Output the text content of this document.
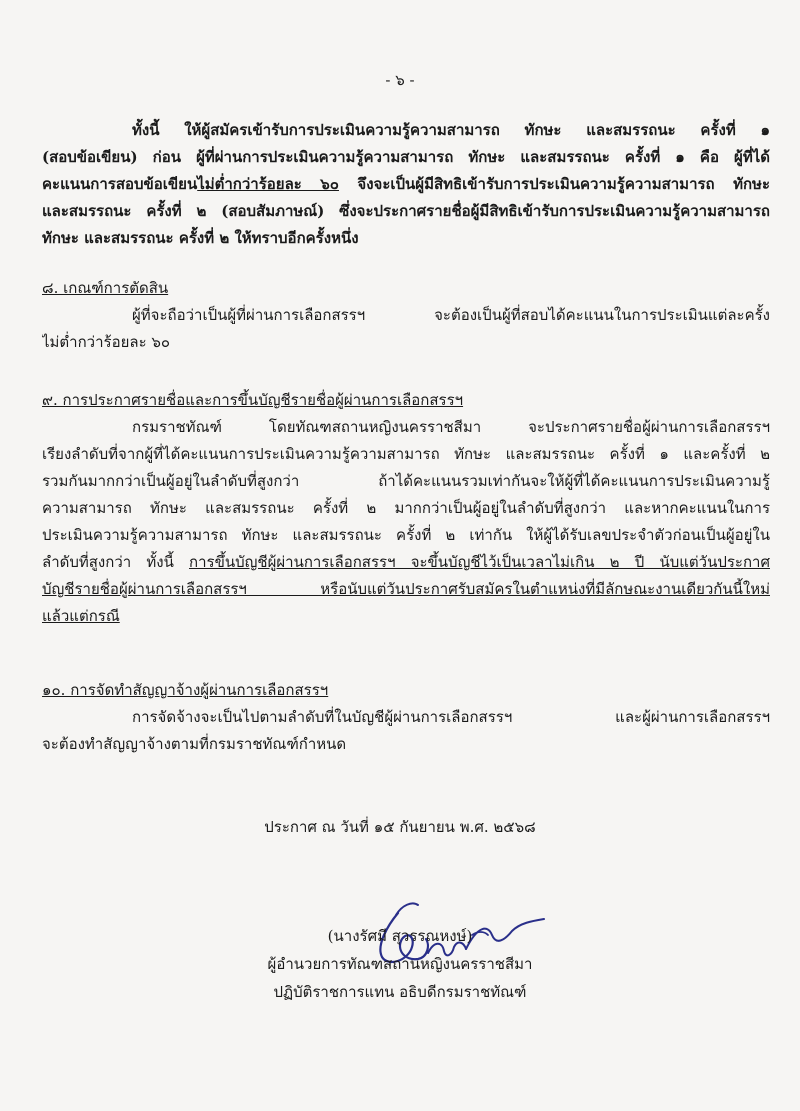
- ๖ -
ทั้งนี้ ให้ผู้สมัครเข้ารับการประเมินความรู้ความสามารถ ทักษะ และสมรรถนะ ครั้งที่ ๑
(สอบข้อเขียน) ก่อน ผู้ที่ผ่านการประเมินความรู้ความสามารถ ทักษะ และสมรรถนะ ครั้งที่ ๑ คือ ผู้ที่ได้
คะแนนการสอบข้อเขียนไม่ต่ำกว่าร้อยละ ๖๐ จึงจะเป็นผู้มีสิทธิเข้ารับการประเมินความรู้ความสามารถ ทักษะ
และสมรรถนะ ครั้งที่ ๒ (สอบสัมภาษณ์) ซึ่งจะประกาศรายชื่อผู้มีสิทธิเข้ารับการประเมินความรู้ความสามารถ
ทักษะ และสมรรถนะ ครั้งที่ ๒ ให้ทราบอีกครั้งหนึ่ง
๘. เกณฑ์การตัดสิน
ผู้ที่จะถือว่าเป็นผู้ที่ผ่านการเลือกสรรฯ จะต้องเป็นผู้ที่สอบได้คะแนนในการประเมินแต่ละครั้ง
ไม่ต่ำกว่าร้อยละ ๖๐
๙. การประกาศรายชื่อและการขึ้นบัญชีรายชื่อผู้ผ่านการเลือกสรรฯ
กรมราชทัณฑ์ โดยทัณฑสถานหญิงนครราชสีมา จะประกาศรายชื่อผู้ผ่านการเลือกสรรฯ
เรียงลำดับที่จากผู้ที่ได้คะแนนการประเมินความรู้ความสามารถ ทักษะ และสมรรถนะ ครั้งที่ ๑ และครั้งที่ ๒
รวมกันมากกว่าเป็นผู้อยู่ในลำดับที่สูงกว่า ถ้าได้คะแนนรวมเท่ากันจะให้ผู้ที่ได้คะแนนการประเมินความรู้
ความสามารถ ทักษะ และสมรรถนะ ครั้งที่ ๒ มากกว่าเป็นผู้อยู่ในลำดับที่สูงกว่า และหากคะแนนในการ
ประเมินความรู้ความสามารถ ทักษะ และสมรรถนะ ครั้งที่ ๒ เท่ากัน ให้ผู้ได้รับเลขประจำตัวก่อนเป็นผู้อยู่ใน
ลำดับที่สูงกว่า ทั้งนี้ การขึ้นบัญชีผู้ผ่านการเลือกสรรฯ จะขึ้นบัญชีไว้เป็นเวลาไม่เกิน ๒ ปี นับแต่วันประกาศ
บัญชีรายชื่อผู้ผ่านการเลือกสรรฯ หรือนับแต่วันประกาศรับสมัครในตำแหน่งที่มีลักษณะงานเดียวกันนี้ใหม่
แล้วแต่กรณี
๑๐. การจัดทำสัญญาจ้างผู้ผ่านการเลือกสรรฯ
การจัดจ้างจะเป็นไปตามลำดับที่ในบัญชีผู้ผ่านการเลือกสรรฯ และผู้ผ่านการเลือกสรรฯ
จะต้องทำสัญญาจ้างตามที่กรมราชทัณฑ์กำหนด
ประกาศ ณ วันที่ ๑๕ กันยายน พ.ศ. ๒๕๖๘
(นางรัศมี สุวรรณหงษ์)
ผู้อำนวยการทัณฑสถานหญิงนครราชสีมา
ปฏิบัติราชการแทน อธิบดีกรมราชทัณฑ์
